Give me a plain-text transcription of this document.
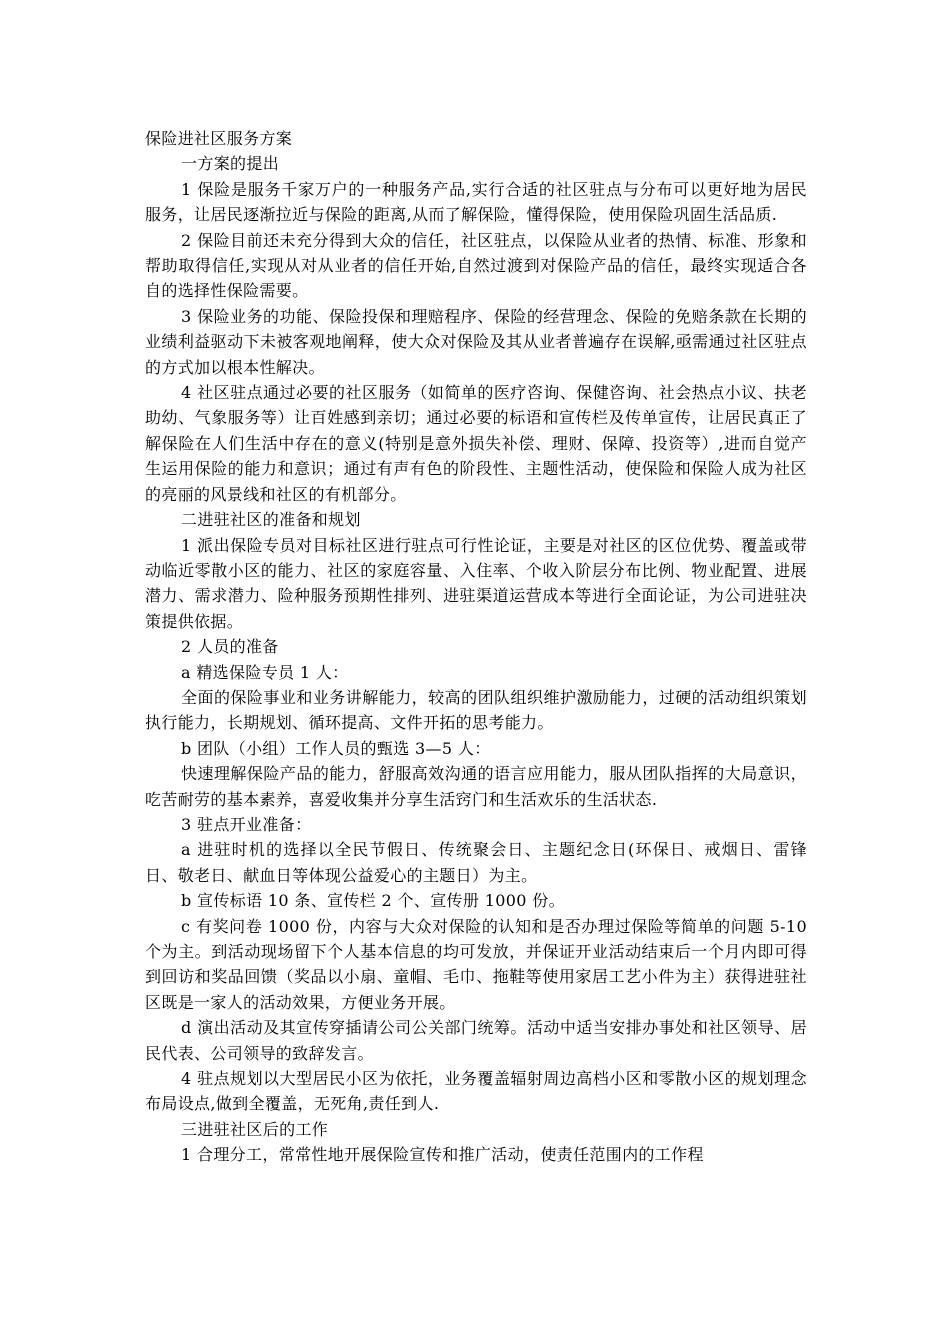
保险进社区服务方案

一方案的提出

1 保险是服务千家万户的一种服务产品,实行合适的社区驻点与分布可以更好地为居民服务，让居民逐渐拉近与保险的距离,从而了解保险，懂得保险，使用保险巩固生活品质.

2 保险目前还未充分得到大众的信任，社区驻点，以保险从业者的热情、标准、形象和帮助取得信任,实现从对从业者的信任开始,自然过渡到对保险产品的信任，最终实现适合各自的选择性保险需要。

3 保险业务的功能、保险投保和理赔程序、保险的经营理念、保险的免赔条款在长期的业绩利益驱动下未被客观地阐释，使大众对保险及其从业者普遍存在误解,亟需通过社区驻点的方式加以根本性解决。

4 社区驻点通过必要的社区服务（如简单的医疗咨询、保健咨询、社会热点小议、扶老助幼、气象服务等）让百姓感到亲切；通过必要的标语和宣传栏及传单宣传，让居民真正了解保险在人们生活中存在的意义(特别是意外损失补偿、理财、保障、投资等）,进而自觉产生运用保险的能力和意识；通过有声有色的阶段性、主题性活动，使保险和保险人成为社区的亮丽的风景线和社区的有机部分。

二进驻社区的准备和规划

1 派出保险专员对目标社区进行驻点可行性论证，主要是对社区的区位优势、覆盖或带动临近零散小区的能力、社区的家庭容量、入住率、个收入阶层分布比例、物业配置、进展潜力、需求潜力、险种服务预期性排列、进驻渠道运营成本等进行全面论证，为公司进驻决策提供依据。

2 人员的准备

a 精选保险专员 1 人：

全面的保险事业和业务讲解能力，较高的团队组织维护激励能力，过硬的活动组织策划执行能力，长期规划、循环提高、文件开拓的思考能力。

b 团队（小组）工作人员的甄选 3—5 人：

快速理解保险产品的能力，舒服高效沟通的语言应用能力，服从团队指挥的大局意识，吃苦耐劳的基本素养，喜爱收集并分享生活窍门和生活欢乐的生活状态.

3 驻点开业准备：

a 进驻时机的选择以全民节假日、传统聚会日、主题纪念日(环保日、戒烟日、雷锋日、敬老日、献血日等体现公益爱心的主题日）为主。

b 宣传标语 10 条、宣传栏 2 个、宣传册 1000 份。

c 有奖问卷 1000 份，内容与大众对保险的认知和是否办理过保险等简单的问题 5-10 个为主。到活动现场留下个人基本信息的均可发放，并保证开业活动结束后一个月内即可得到回访和奖品回馈（奖品以小扇、童帽、毛巾、拖鞋等使用家居工艺小件为主）获得进驻社区既是一家人的活动效果，方便业务开展。

d 演出活动及其宣传穿插请公司公关部门统筹。活动中适当安排办事处和社区领导、居民代表、公司领导的致辞发言。

4 驻点规划以大型居民小区为依托，业务覆盖辐射周边高档小区和零散小区的规划理念布局设点,做到全覆盖，无死角,责任到人.

三进驻社区后的工作

1 合理分工，常常性地开展保险宣传和推广活动，使责任范围内的工作程
